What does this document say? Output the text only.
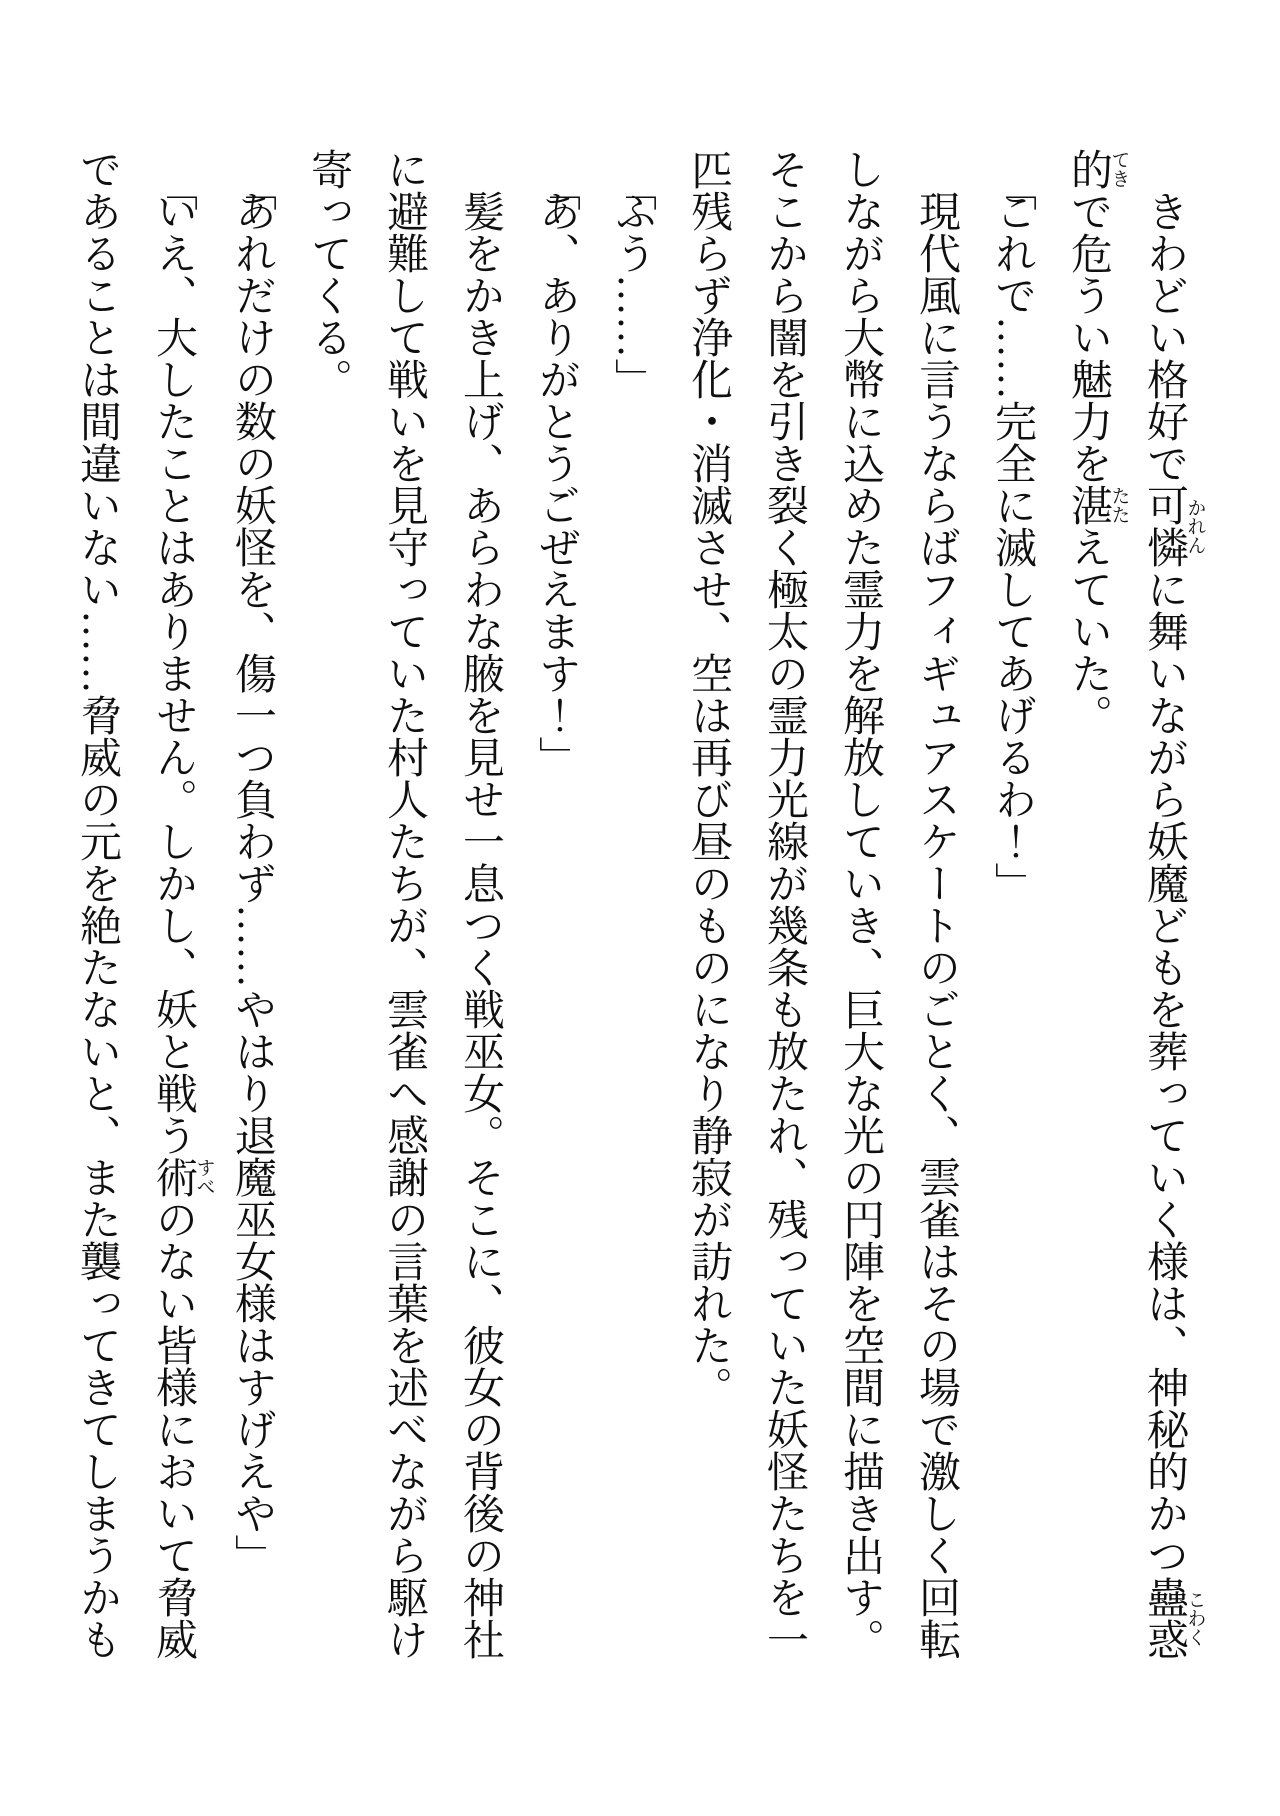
きわどい格好で可憐かれんに舞いながら妖魔どもを葬っていく様は、神秘的かつ蠱惑こわく的てきで危うい魅力を湛たたえていた。

「これで……完全に滅してあげるわ！」

現代風に言うならばフィギュアスケートのごとく、雲雀はその場で激しく回転しながら大幣に込めた霊力を解放していき、巨大な光の円陣を空間に描き出す。そこから闇を引き裂く極太の霊力光線が幾条も放たれ、残っていた妖怪たちを一匹残らず浄化・消滅させ、空は再び昼のものになり静寂が訪れた。

「ふう……」

「あ、ありがとうごぜえます！」

髪をかき上げ、あらわな腋を見せ一息つく戦巫女。そこに、彼女の背後の神社に避難して戦いを見守っていた村人たちが、雲雀へ感謝の言葉を述べながら駆け寄ってくる。

「あれだけの数の妖怪を、傷一つ負わず……やはり退魔巫女様はすげえや」

「いえ、大したことはありません。しかし、妖と戦う術すべのない皆様において脅威であることは間違いない……脅威の元を絶たないと、また襲ってきてしまうかも
